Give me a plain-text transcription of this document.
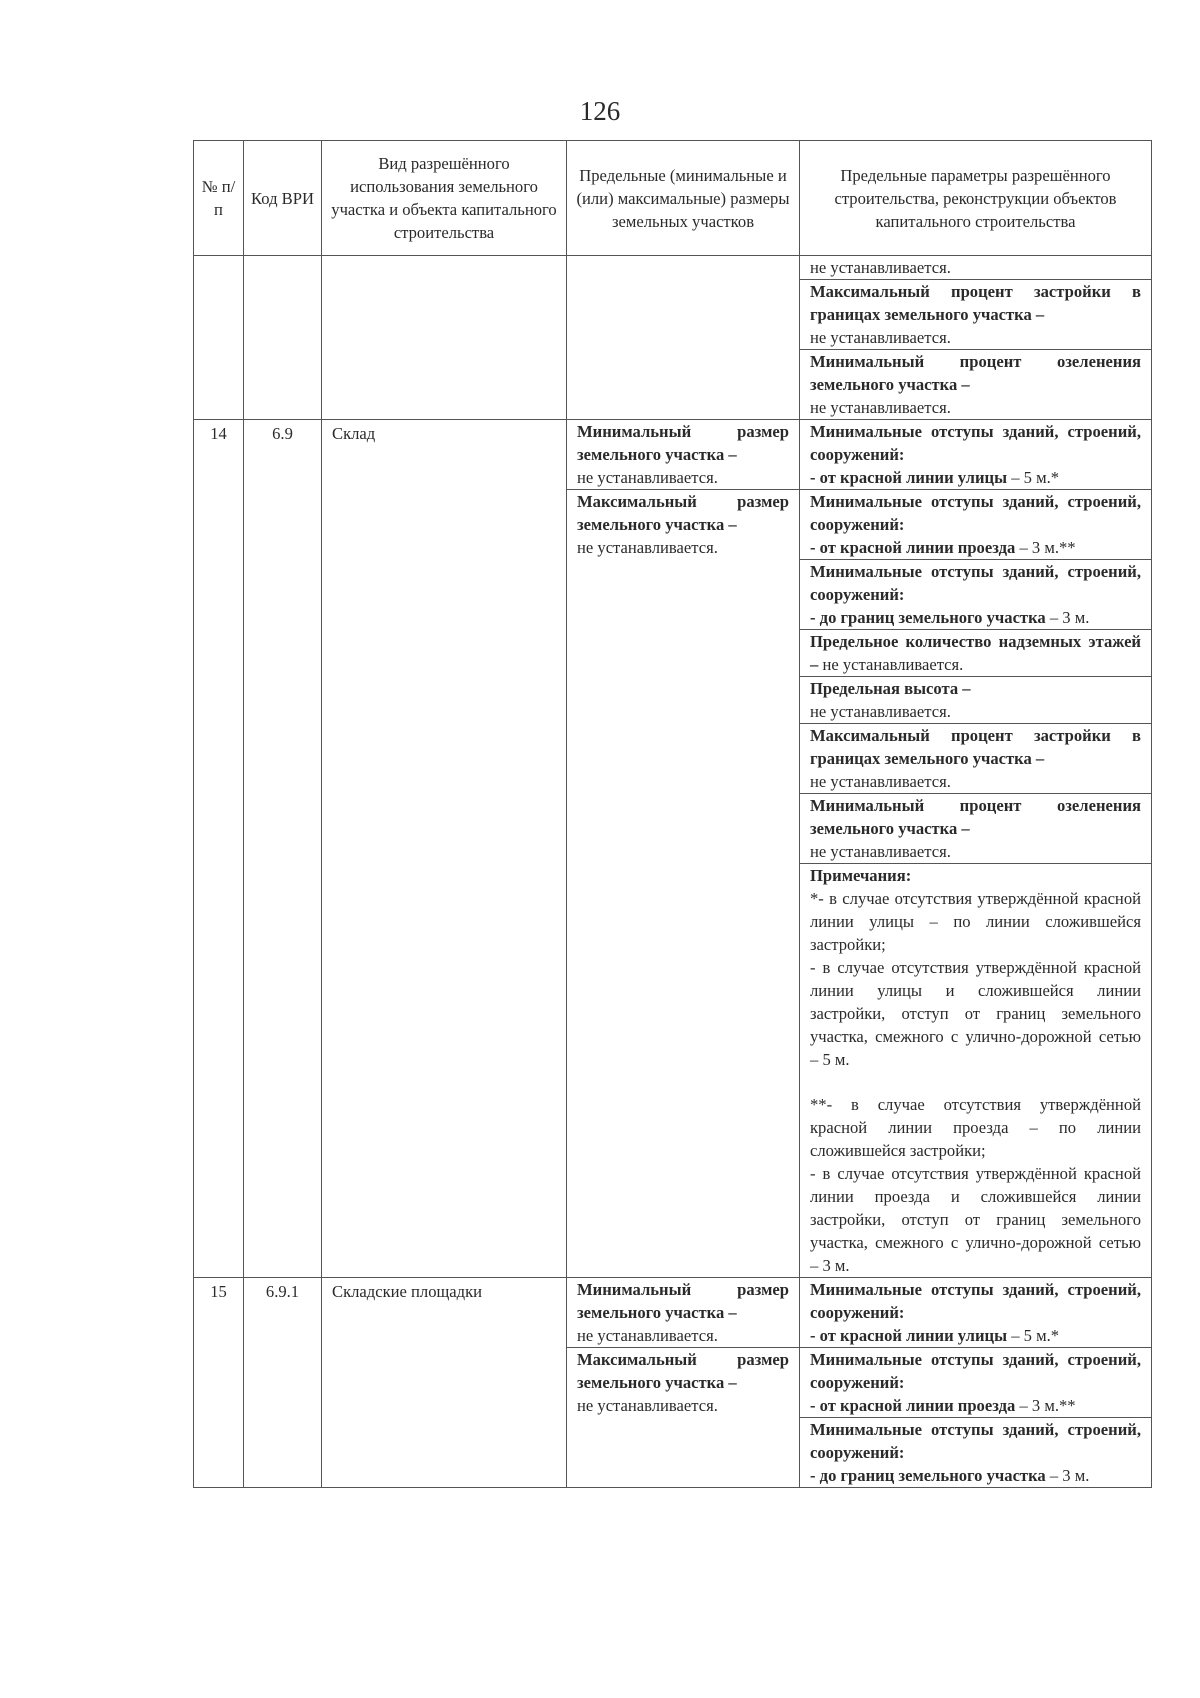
126
№ п/п	Код ВРИ	Вид разрешённого использования земельного участка и объекта капитального строительства	Предельные (минимальные и (или) максимальные) размеры земельных участков	Предельные параметры разрешённого строительства, реконструкции объектов капитального строительства
				не устанавливается.
				Максимальный процент застройки в границах земельного участка –
не устанавливается.

				Минимальный процент озеленения земельного участка –
не устанавливается.

14	6.9	Склад	Минимальный размер земельного участка –
не устанавливается.	Минимальные отступы зданий, строений, сооружений:
- от красной линии улицы – 5 м.*
			Максимальный размер земельного участка –
не устанавливается.	Минимальные отступы зданий, строений, сооружений:
- от красной линии проезда – 3 м.**
				Минимальные отступы зданий, строений, сооружений:
- до границ земельного участка – 3 м.
				Предельное количество надземных этажей – не устанавливается.
				Предельная высота –
не устанавливается.

				Максимальный процент застройки в границах земельного участка –
не устанавливается.

				Минимальный процент озеленения земельного участка –
не устанавливается.

				Примечания:
*- в случае отсутствия утверждённой красной линии улицы – по линии сложившейся застройки;
- в случае отсутствия утверждённой красной линии улицы и сложившейся линии застройки, отступ от границ земельного участка, смежного с улично-дорожной сетью – 5 м.
**- в случае отсутствия утверждённой красной линии проезда – по линии сложившейся застройки;
- в случае отсутствия утверждённой красной линии проезда и сложившейся линии застройки, отступ от границ земельного участка, смежного с улично-дорожной сетью – 3 м.

15	6.9.1	Складские площадки	Минимальный размер земельного участка –
не устанавливается.	Минимальные отступы зданий, строений, сооружений:
- от красной линии улицы – 5 м.*
			Максимальный размер земельного участка –
не устанавливается.	Минимальные отступы зданий, строений, сооружений:
- от красной линии проезда – 3 м.**
				Минимальные отступы зданий, строений, сооружений:
- до границ земельного участка – 3 м.
